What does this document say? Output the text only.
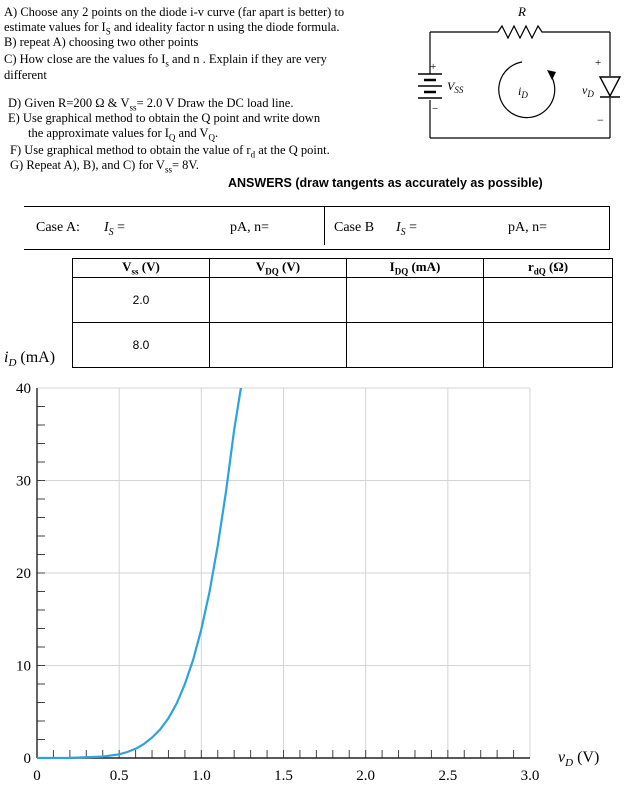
A) Choose any 2 points on the diode i-v curve (far apart is better) to
estimate values for $I_S$ and ideality factor n using the diode formula.
B) repeat A) choosing two other points
C) How close are the values fo $I_s$ and n . Explain if they are very
different
D) Given R=200 Ω & $V_{ss}= 2.0$ V Draw the DC load line.
E) Use graphical method to obtain the Q point and write down
the approximate values for $I_Q$ and $V_Q$.
F) Use graphical method to obtain the value of $r_d$ at the Q point.
G) Repeat A), B), and C) for $V_{ss}= 8V$.
R
+
−
$V_{SS}$	$i_D$
+
$v_D$
−
ANSWERS (draw tangents as accurately as possible)
Case A: $I_S$ =	pA, n=	Case B $I_S$ =	pA, n=
$V_{ss}$ (V)	$V_{DQ}$ (V)	$I_{DQ}$ (mA)	$r_{dQ}$ (Ω)
2.0			
8.0			
0	0.5	1.0	1.5	2.0	2.5	3.0
0
10
20
30
40
$i_D$ (mA)
$v_D$ (V)
